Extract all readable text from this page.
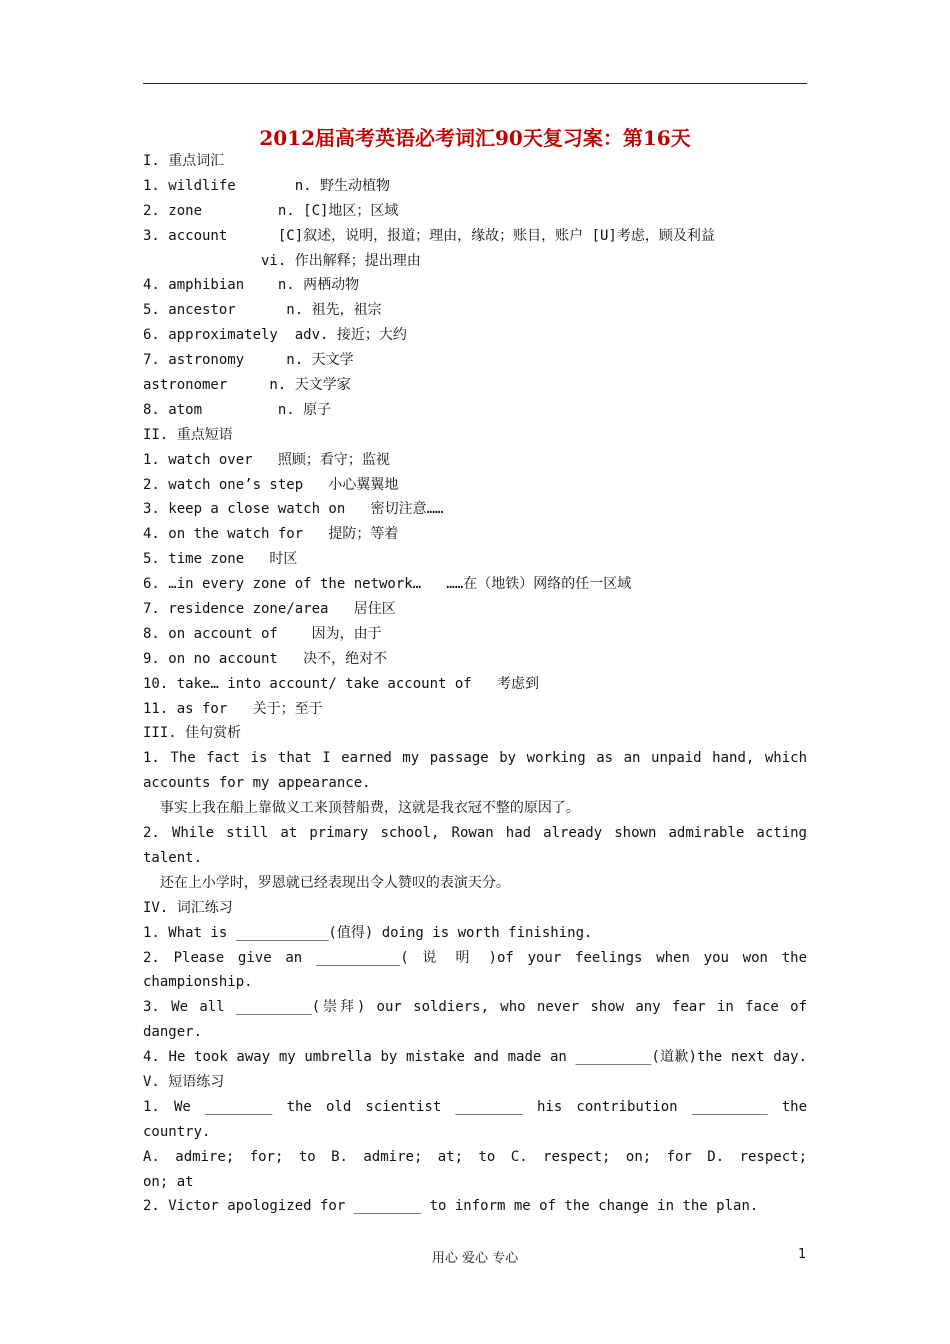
2012届高考英语必考词汇90天复习案：第16天
I. 重点词汇
1. wildlife       n. 野生动植物
2. zone         n. [C]地区；区域
3. account      [C]叙述，说明，报道；理由，缘故；账目，账户 [U]考虑，顾及利益
vi. 作出解释；提出理由
4. amphibian    n. 两栖动物
5. ancestor      n. 祖先，祖宗
6. approximately  adv. 接近；大约
7. astronomy     n. 天文学
astronomer     n. 天文学家
8. atom         n. 原子
II. 重点短语
1. watch over   照顾；看守；监视
2. watch one’s step   小心翼翼地
3. keep a close watch on   密切注意……
4. on the watch for   提防；等着
5. time zone   时区
6. …in every zone of the network…   ……在（地铁）网络的任一区域
7. residence zone/area   居住区
8. on account of    因为，由于
9. on no account   决不，绝对不
10. take… into account/ take account of   考虑到
11. as for   关于；至于
III. 佳句赏析
1. The fact is that I earned my passage by working as an unpaid hand, which
accounts for my appearance.
事实上我在船上靠做义工来顶替船费，这就是我衣冠不整的原因了。
2. While still at primary school, Rowan had already shown admirable acting
talent.
还在上小学时，罗恩就已经表现出令人赞叹的表演天分。
IV. 词汇练习
1. What is ___________(值得) doing is worth finishing.
2. Please give an __________( 说 明 )of your feelings when you won the
championship.
3. We all _________(崇拜) our soldiers, who never show any fear in face of
danger.
4. He took away my umbrella by mistake and made an _________(道歉)the next day.
V. 短语练习
1. We ________ the old scientist ________ his contribution _________ the
country.
A. admire; for; to B. admire; at; to C. respect; on; for D. respect;
on; at
2. Victor apologized for ________ to inform me of the change in the plan.
用心 爱心 专心	1
